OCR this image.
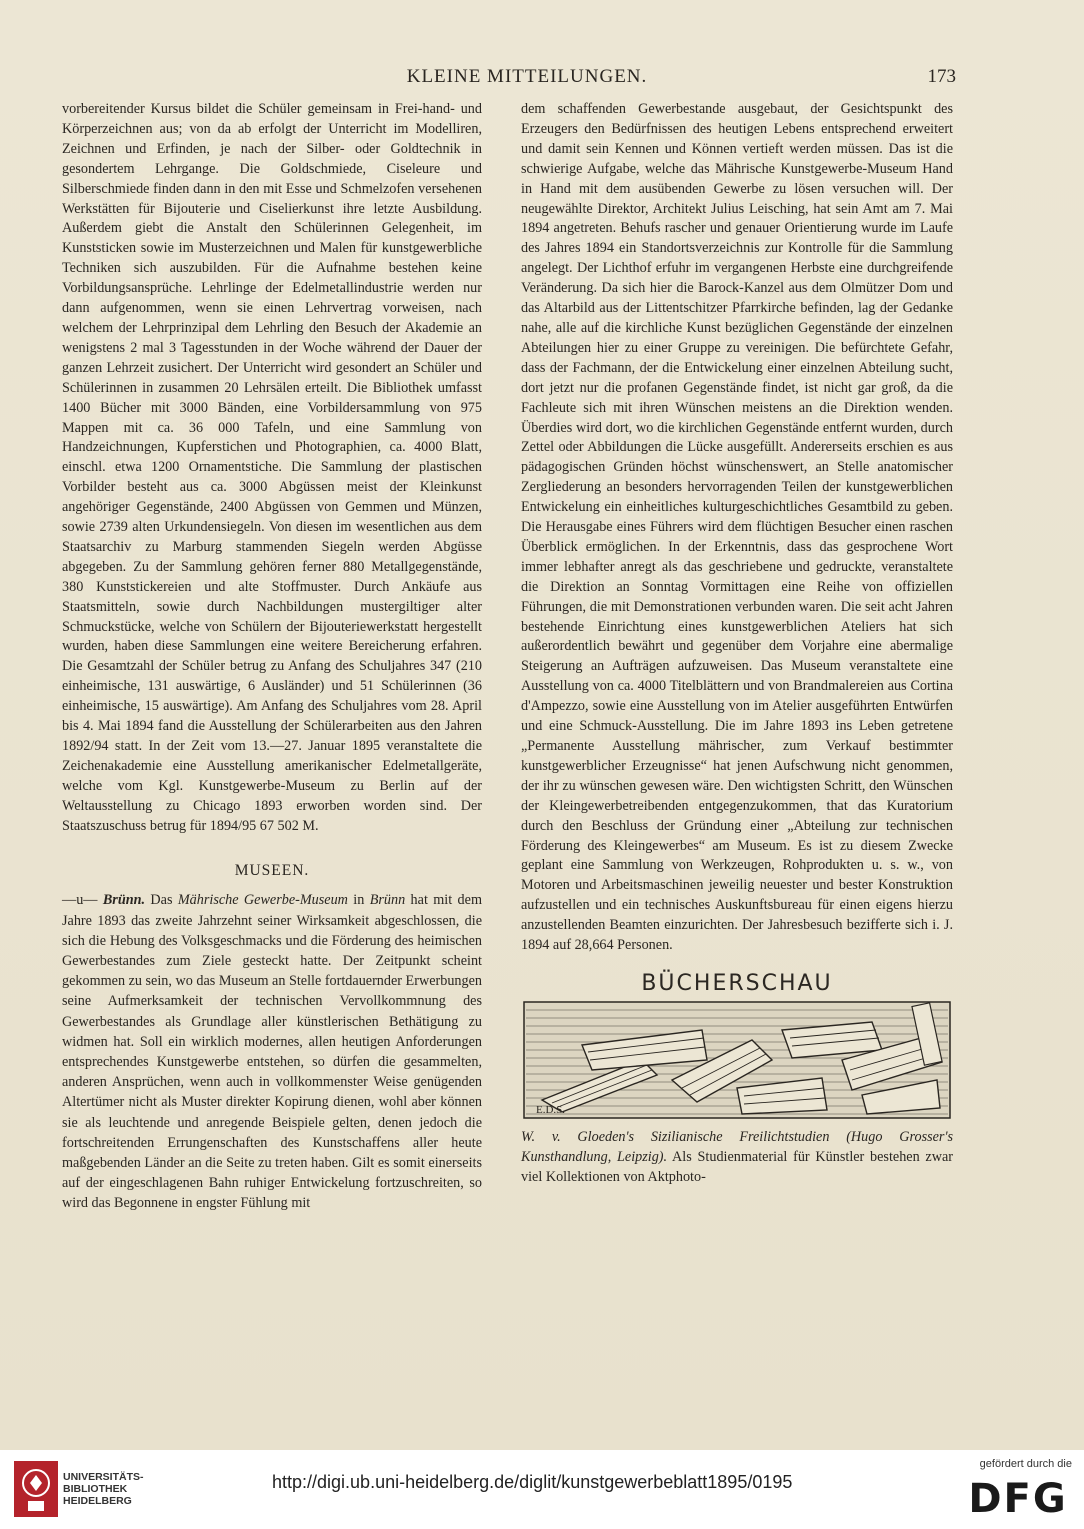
KLEINE MITTEILUNGEN.	173

vorbereitender Kursus bildet die Schüler gemeinsam in Frei-hand- und Körperzeichnen aus; von da ab erfolgt der Unterricht im Modelliren, Zeichnen und Erfinden, je nach der Silber- oder Goldtechnik in gesondertem Lehrgange. Die Goldschmiede, Ciseleure und Silberschmiede finden dann in den mit Esse und Schmelzofen versehenen Werkstätten für Bijouterie und Ciselierkunst ihre letzte Ausbildung. Außerdem giebt die Anstalt den Schülerinnen Gelegenheit, im Kunststicken sowie im Musterzeichnen und Malen für kunstgewerbliche Techniken sich auszubilden. Für die Aufnahme bestehen keine Vorbildungsansprüche. Lehrlinge der Edelmetallindustrie werden nur dann aufgenommen, wenn sie einen Lehrvertrag vorweisen, nach welchem der Lehrprinzipal dem Lehrling den Besuch der Akademie an wenigstens 2 mal 3 Tagesstunden in der Woche während der Dauer der ganzen Lehrzeit zusichert. Der Unterricht wird gesondert an Schüler und Schülerinnen in zusammen 20 Lehrsälen erteilt. Die Bibliothek umfasst 1400 Bücher mit 3000 Bänden, eine Vorbildersammlung von 975 Mappen mit ca. 36 000 Tafeln, und eine Sammlung von Handzeichnungen, Kupferstichen und Photographien, ca. 4000 Blatt, einschl. etwa 1200 Ornamentstiche. Die Sammlung der plastischen Vorbilder besteht aus ca. 3000 Abgüssen meist der Kleinkunst angehöriger Gegenstände, 2400 Abgüssen von Gemmen und Münzen, sowie 2739 alten Urkundensiegeln. Von diesen im wesentlichen aus dem Staatsarchiv zu Marburg stammenden Siegeln werden Abgüsse abgegeben. Zu der Sammlung gehören ferner 880 Metallgegenstände, 380 Kunststickereien und alte Stoffmuster. Durch Ankäufe aus Staatsmitteln, sowie durch Nachbildungen mustergiltiger alter Schmuckstücke, welche von Schülern der Bijouteriewerkstatt hergestellt wurden, haben diese Sammlungen eine weitere Bereicherung erfahren. Die Gesamtzahl der Schüler betrug zu Anfang des Schuljahres 347 (210 einheimische, 131 auswärtige, 6 Ausländer) und 51 Schülerinnen (36 einheimische, 15 auswärtige). Am Anfang des Schuljahres vom 28. April bis 4. Mai 1894 fand die Ausstellung der Schülerarbeiten aus den Jahren 1892/94 statt. In der Zeit vom 13.—27. Januar 1895 veranstaltete die Zeichenakademie eine Ausstellung amerikanischer Edelmetallgeräte, welche vom Kgl. Kunstgewerbe-Museum zu Berlin auf der Weltausstellung zu Chicago 1893 erworben worden sind. Der Staatszuschuss betrug für 1894/95 67 502 M.

MUSEEN.

—u— Brünn. Das Mährische Gewerbe-Museum in Brünn hat mit dem Jahre 1893 das zweite Jahrzehnt seiner Wirksamkeit abgeschlossen, die sich die Hebung des Volksgeschmacks und die Förderung des heimischen Gewerbestandes zum Ziele gesteckt hatte. Der Zeitpunkt scheint gekommen zu sein, wo das Museum an Stelle fortdauernder Erwerbungen seine Aufmerksamkeit der technischen Vervollkommnung des Gewerbestandes als Grundlage aller künstlerischen Bethätigung zu widmen hat. Soll ein wirklich modernes, allen heutigen Anforderungen entsprechendes Kunstgewerbe entstehen, so dürfen die gesammelten, anderen Ansprüchen, wenn auch in vollkommenster Weise genügenden Altertümer nicht als Muster direkter Kopirung dienen, wohl aber können sie als leuchtende und anregende Beispiele gelten, denen jedoch die fortschreitenden Errungenschaften des Kunstschaffens aller heute maßgebenden Länder an die Seite zu treten haben. Gilt es somit einerseits auf der eingeschlagenen Bahn ruhiger Entwickelung fortzuschreiten, so wird das Begonnene in engster Fühlung mit

dem schaffenden Gewerbestande ausgebaut, der Gesichtspunkt des Erzeugers den Bedürfnissen des heutigen Lebens entsprechend erweitert und damit sein Kennen und Können vertieft werden müssen. Das ist die schwierige Aufgabe, welche das Mährische Kunstgewerbe-Museum Hand in Hand mit dem ausübenden Gewerbe zu lösen versuchen will. Der neugewählte Direktor, Architekt Julius Leisching, hat sein Amt am 7. Mai 1894 angetreten. Behufs rascher und genauer Orientierung wurde im Laufe des Jahres 1894 ein Standortsverzeichnis zur Kontrolle für die Sammlung angelegt. Der Lichthof erfuhr im vergangenen Herbste eine durchgreifende Veränderung. Da sich hier die Barock-Kanzel aus dem Olmützer Dom und das Altarbild aus der Littentschitzer Pfarrkirche befinden, lag der Gedanke nahe, alle auf die kirchliche Kunst bezüglichen Gegenstände der einzelnen Abteilungen hier zu einer Gruppe zu vereinigen. Die befürchtete Gefahr, dass der Fachmann, der die Entwickelung einer einzelnen Abteilung sucht, dort jetzt nur die profanen Gegenstände findet, ist nicht gar groß, da die Fachleute sich mit ihren Wünschen meistens an die Direktion wenden. Überdies wird dort, wo die kirchlichen Gegenstände entfernt wurden, durch Zettel oder Abbildungen die Lücke ausgefüllt. Andererseits erschien es aus pädagogischen Gründen höchst wünschenswert, an Stelle anatomischer Zergliederung an besonders hervorragenden Teilen der kunstgewerblichen Entwickelung ein einheitliches kulturgeschichtliches Gesamtbild zu geben. Die Herausgabe eines Führers wird dem flüchtigen Besucher einen raschen Überblick ermöglichen. In der Erkenntnis, dass das gesprochene Wort immer lebhafter anregt als das geschriebene und gedruckte, veranstaltete die Direktion an Sonntag Vormittagen eine Reihe von offiziellen Führungen, die mit Demonstrationen verbunden waren. Die seit acht Jahren bestehende Einrichtung eines kunstgewerblichen Ateliers hat sich außerordentlich bewährt und gegenüber dem Vorjahre eine abermalige Steigerung an Aufträgen aufzuweisen. Das Museum veranstaltete eine Ausstellung von ca. 4000 Titelblättern und von Brandmalereien aus Cortina d'Ampezzo, sowie eine Ausstellung von im Atelier ausgeführten Entwürfen und eine Schmuck-Ausstellung. Die im Jahre 1893 ins Leben getretene „Permanente Ausstellung mährischer, zum Verkauf bestimmter kunstgewerblicher Erzeugnisse“ hat jenen Aufschwung nicht genommen, der ihr zu wünschen gewesen wäre. Den wichtigsten Schritt, den Wünschen der Kleingewerbetreibenden entgegenzukommen, that das Kuratorium durch den Beschluss der Gründung einer „Abteilung zur technischen Förderung des Kleingewerbes“ am Museum. Es ist zu diesem Zwecke geplant eine Sammlung von Werkzeugen, Rohprodukten u. s. w., von Motoren und Arbeitsmaschinen jeweilig neuester und bester Konstruktion aufzustellen und ein technisches Auskunftsbureau für einen eigens hierzu anzustellenden Beamten einzurichten. Der Jahresbesuch bezifferte sich i. J. 1894 auf 28,664 Personen.

BÜCHERSCHAU
E.D.S.

W. v. Gloeden's Sizilianische Freilichtstudien (Hugo Grosser's Kunsthandlung, Leipzig). Als Studienmaterial für Künstler bestehen zwar viel Kollektionen von Aktphoto-

UNIVERSITÄTS-
BIBLIOTHEK
HEIDELBERG
http://digi.ub.uni-heidelberg.de/diglit/kunstgewerbeblatt1895/0195
gefördert durch die
DFG
